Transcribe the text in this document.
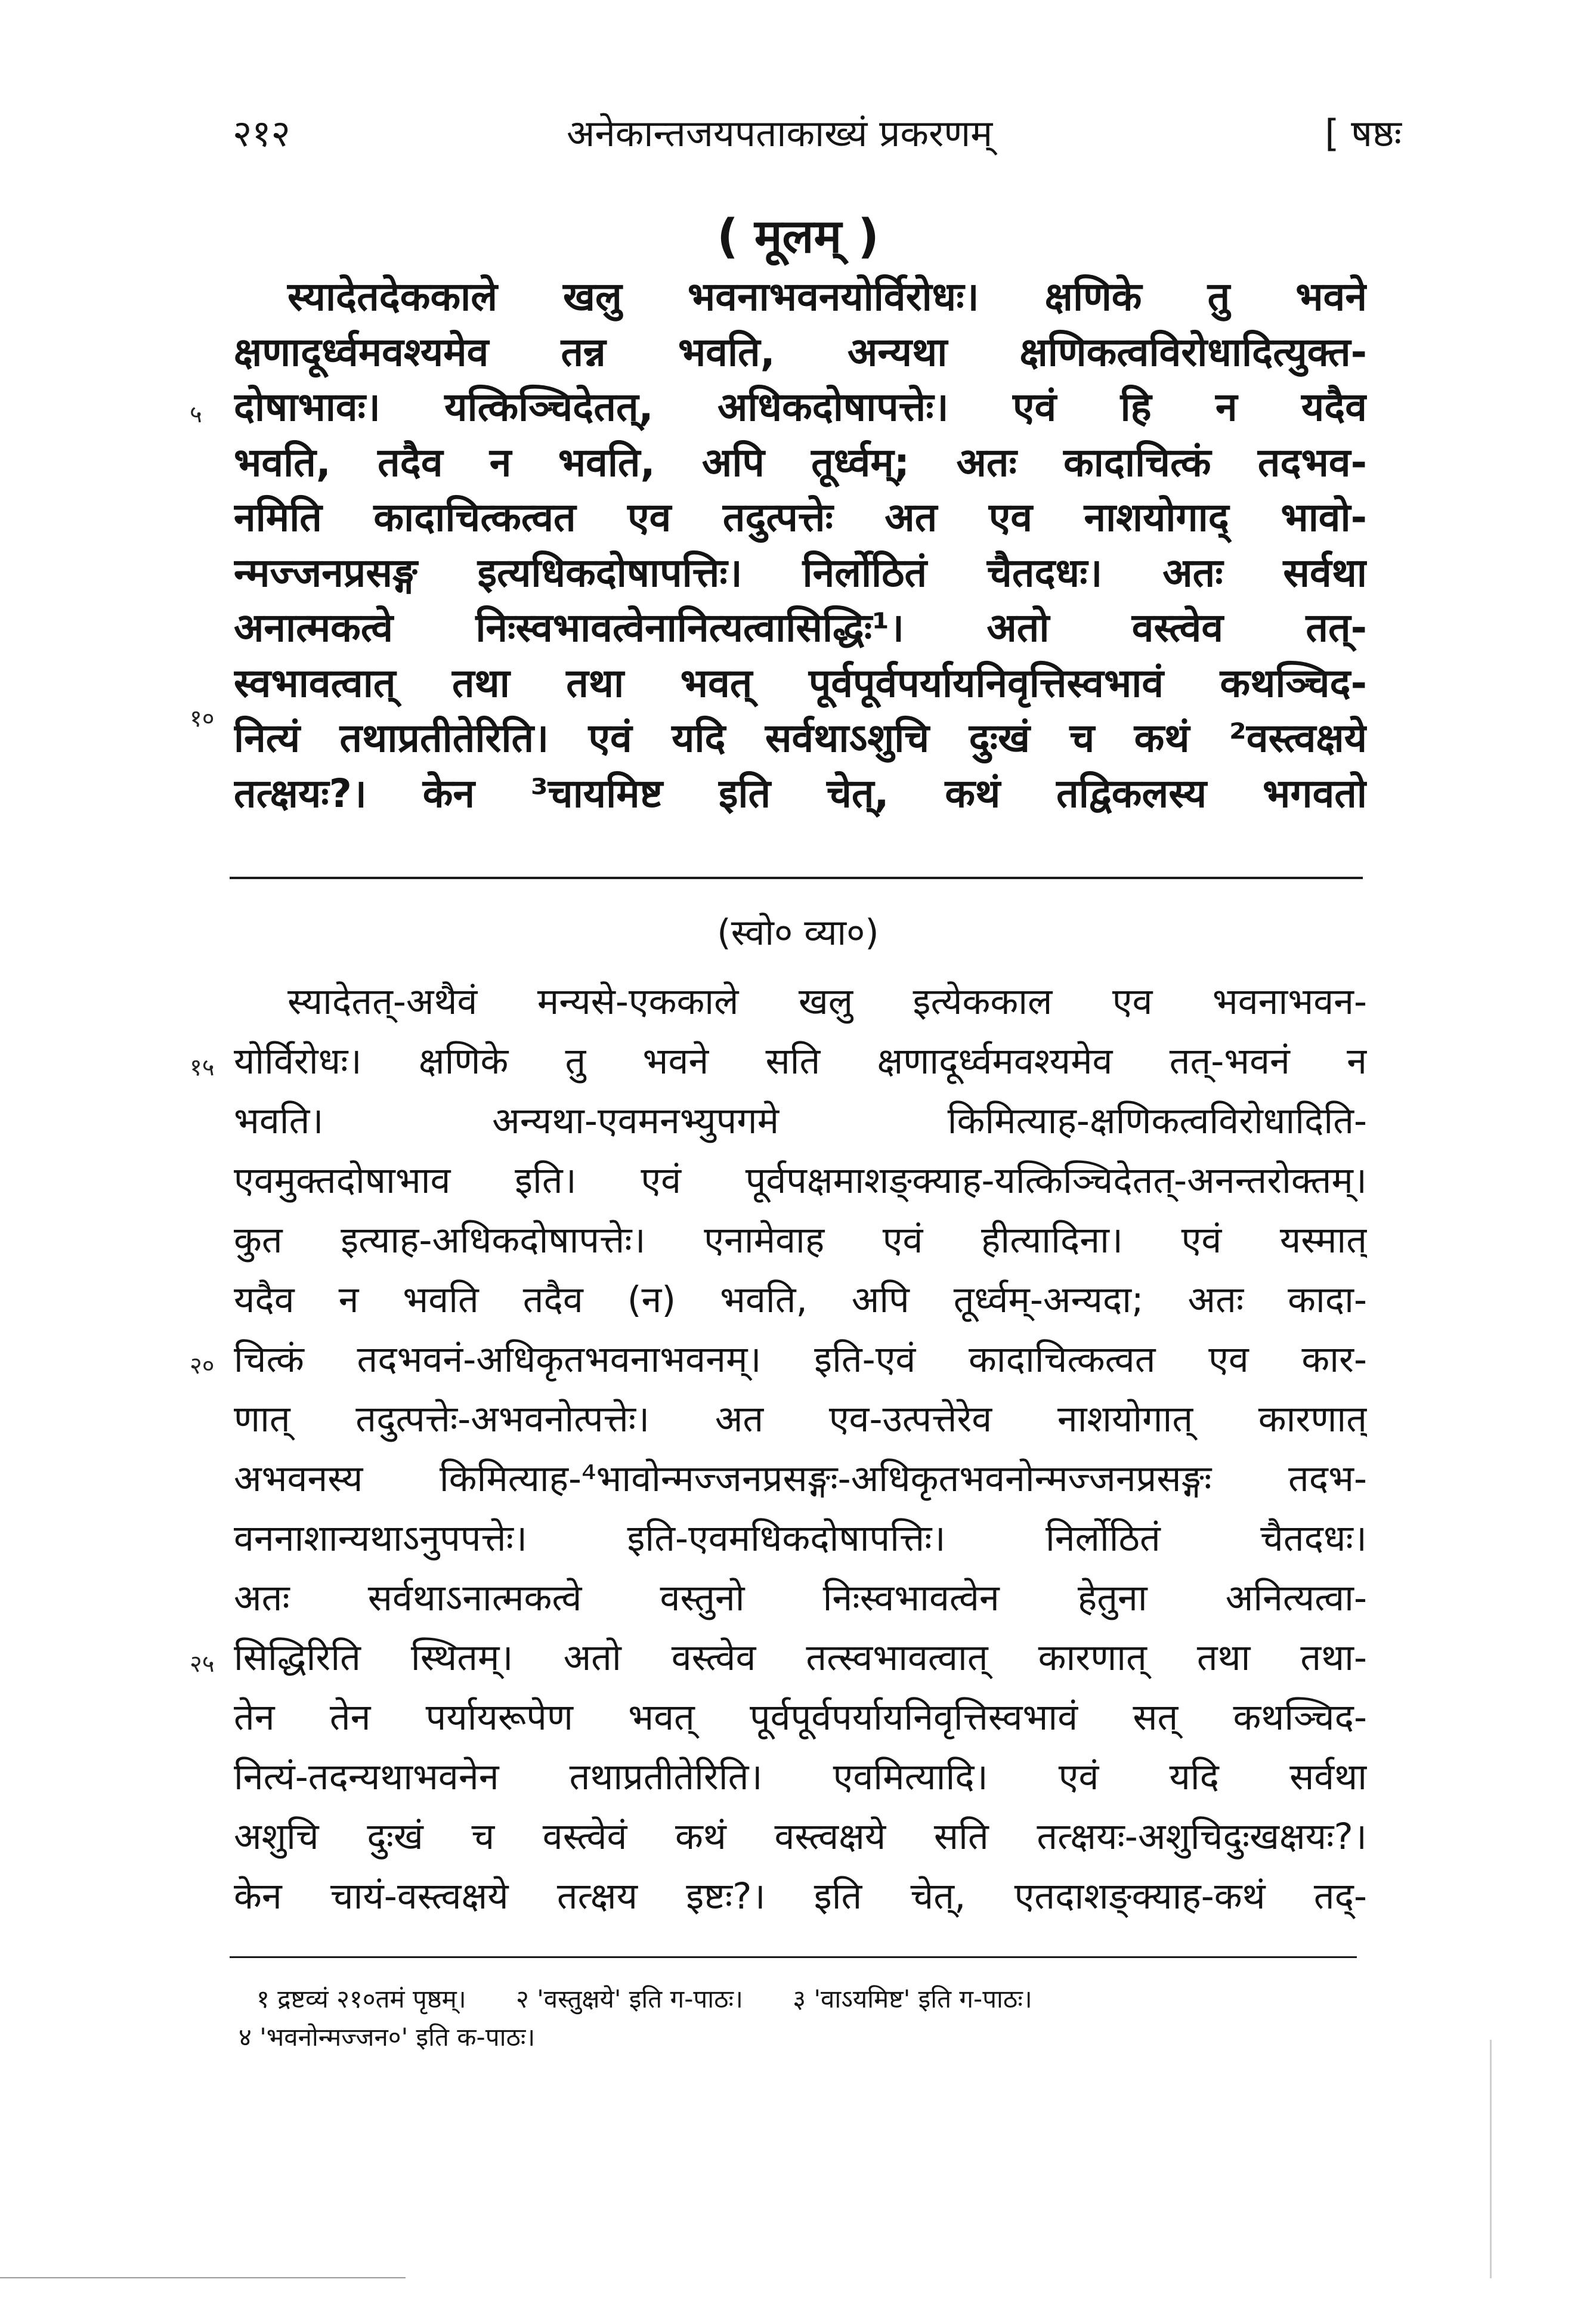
२१२	अनेकान्तजयपताकाख्यं प्रकरणम्	[ षष्ठः
( मूलम् )
स्यादेतदेककाले खलु भवनाभवनयोर्विरोधः। क्षणिके तु भवने
क्षणादूर्ध्वमवश्यमेव तन्न भवति, अन्यथा क्षणिकत्वविरोधादित्युक्त-
दोषाभावः। यत्किञ्चिदेतत्, अधिकदोषापत्तेः। एवं हि न यदैव
भवति, तदैव न भवति, अपि तूर्ध्वम्; अतः कादाचित्कं तदभव-
नमिति कादाचित्कत्वत एव तदुत्पत्तेः अत एव नाशयोगाद् भावो-
न्मज्जनप्रसङ्ग इत्यधिकदोषापत्तिः। निर्लोठितं चैतदधः। अतः सर्वथा
अनात्मकत्वे निःस्वभावत्वेनानित्यत्वासिद्धिः¹। अतो वस्त्वेव तत्-
स्वभावत्वात् तथा तथा भवत् पूर्वपूर्वपर्यायनिवृत्तिस्वभावं कथञ्चिद-
नित्यं तथाप्रतीतेरिति। एवं यदि सर्वथाऽशुचि दुःखं च कथं ²वस्त्वक्षये
तत्क्षयः?। केन ³चायमिष्ट इति चेत्, कथं तद्विकलस्य भगवतो
५
१०
(स्वो० व्या०)
स्यादेतत्-अथैवं मन्यसे-एककाले खलु इत्येककाल एव भवनाभवन-
योर्विरोधः। क्षणिके तु भवने सति क्षणादूर्ध्वमवश्यमेव तत्-भवनं न
भवति। अन्यथा-एवमनभ्युपगमे किमित्याह-क्षणिकत्वविरोधादिति-
एवमुक्तदोषाभाव इति। एवं पूर्वपक्षमाशङ्क्याह-यत्किञ्चिदेतत्-अनन्तरोक्तम्।
कुत इत्याह-अधिकदोषापत्तेः। एनामेवाह एवं हीत्यादिना। एवं यस्मात्
यदैव न भवति तदैव (न) भवति, अपि तूर्ध्वम्-अन्यदा; अतः कादा-
चित्कं तदभवनं-अधिकृतभवनाभवनम्। इति-एवं कादाचित्कत्वत एव कार-
णात् तदुत्पत्तेः-अभवनोत्पत्तेः। अत एव-उत्पत्तेरेव नाशयोगात् कारणात्
अभवनस्य किमित्याह-⁴भावोन्मज्जनप्रसङ्गः-अधिकृतभवनोन्मज्जनप्रसङ्गः तदभ-
वननाशान्यथाऽनुपपत्तेः। इति-एवमधिकदोषापत्तिः। निर्लोठितं चैतदधः।
अतः सर्वथाऽनात्मकत्वे वस्तुनो निःस्वभावत्वेन हेतुना अनित्यत्वा-
सिद्धिरिति स्थितम्। अतो वस्त्वेव तत्स्वभावत्वात् कारणात् तथा तथा-
तेन तेन पर्यायरूपेण भवत् पूर्वपूर्वपर्यायनिवृत्तिस्वभावं सत् कथञ्चिद-
नित्यं-तदन्यथाभवनेन तथाप्रतीतेरिति। एवमित्यादि। एवं यदि सर्वथा
अशुचि दुःखं च वस्त्वेवं कथं वस्त्वक्षये सति तत्क्षयः-अशुचिदुःखक्षयः?।
केन चायं-वस्त्वक्षये तत्क्षय इष्टः?। इति चेत्, एतदाशङ्क्याह-कथं तद्-
१५
२०
२५
१ द्रष्टव्यं २१०तमं पृष्ठम्। २ 'वस्तुक्षये' इति ग-पाठः। ३ 'वाऽयमिष्ट' इति ग-पाठः।
४ 'भवनोन्मज्जन०' इति क-पाठः।
